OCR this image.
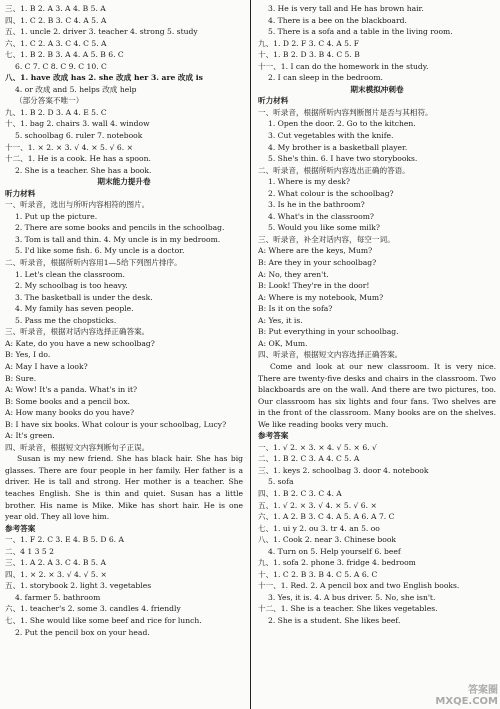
三、1. B 2. A 3. A 4. B 5. A
四、1. C 2. B 3. C 4. A 5. A
五、1. uncle 2. driver 3. teacher 4. strong 5. study
六、1. C 2. A 3. C 4. C 5. A
七、1. B 2. B 3. A 4. A 5. B 6. C
6. C 7. C 8. C 9. C 10. C
八、1. have 改成 has 2. she 改成 her 3. are 改成 is
4. or 改成 and 5. helps 改成 help
（部分答案不唯一）
九、1. B 2. D 3. A 4. E 5. C
十、1. bag 2. chairs 3. wall 4. window
5. schoolbag 6. ruler 7. notebook
十一、1. × 2. × 3. √ 4. × 5. √ 6. ×
十二、1. He is a cook. He has a spoon.
2. She is a teacher. She has a book.
期末能力提升卷
听力材料
一、听录音，选出与所听内容相符的图片。
1. Put up the picture.
2. There are some books and pencils in the schoolbag.
3. Tom is tall and thin. 4. My uncle is in my bedroom.
5. I'd like some fish. 6. My uncle is a doctor.
二、听录音，根据所听内容用1—5给下列图片排序。
1. Let's clean the classroom.
2. My schoolbag is too heavy.
3. The basketball is under the desk.
4. My family has seven people.
5. Pass me the chopsticks.
三、听录音，根据对话内容选择正确答案。
A: Kate, do you have a new schoolbag?
B: Yes, I do.
A: May I have a look?
B: Sure.
A: Wow! It's a panda. What's in it?
B: Some books and a pencil box.
A: How many books do you have?
B: I have six books. What colour is your schoolbag, Lucy?
A: It's green.
四、听录音，根据短文内容判断句子正误。
Susan is my new friend. She has black hair. She has big glasses. There are four people in her family. Her father is a driver. He is tall and strong. Her mother is a teacher. She teaches English. She is thin and quiet. Susan has a little brother. His name is Mike. Mike has short hair. He is one year old. They all love him.
参考答案
一、1. F 2. C 3. E 4. B 5. D 6. A
二、4 1 3 5 2
三、1. A 2. A 3. C 4. B 5. A
四、1. × 2. × 3. √ 4. √ 5. ×
五、1. storybook 2. light 3. vegetables
4. farmer 5. bathroom
六、1. teacher's 2. some 3. candles 4. friendly
七、1. She would like some beef and rice for lunch.
2. Put the pencil box on your head.
3. He is very tall and He has brown hair.
4. There is a bee on the blackboard.
5. There is a sofa and a table in the living room.
九、1. D 2. F 3. C 4. A 5. F
十、1. B 2. D 3. B 4. C 5. B
十一、1. I can do the homework in the study.
2. I can sleep in the bedroom.
期末模拟冲刺卷
听力材料
一、听录音，根据所听内容判断图片是否与其相符。
1. Open the door. 2. Go to the kitchen.
3. Cut vegetables with the knife.
4. My brother is a basketball player.
5. She's thin. 6. I have two storybooks.
二、听录音，根据所听内容选出正确的答语。
1. Where is my desk?
2. What colour is the schoolbag?
3. Is he in the bathroom?
4. What's in the classroom?
5. Would you like some milk?
三、听录音，补全对话内容，每空一词。
A: Where are the keys, Mum?
B: Are they in your schoolbag?
A: No, they aren't.
B: Look! They're in the door!
A: Where is my notebook, Mum?
B: Is it on the sofa?
A: Yes, it is.
B: Put everything in your schoolbag.
A: OK, Mum.
四、听录音，根据短文内容选择正确答案。
Come and look at our new classroom. It is very nice. There are twenty-five desks and chairs in the classroom. Two blackboards are on the wall. And there are two pictures, too. Our classroom has six lights and four fans. Two shelves are in the front of the classroom. Many books are on the shelves. We like reading books very much.
参考答案
一、1. √ 2. × 3. × 4. √ 5. × 6. √
二、1. B 2. C 3. A 4. C 5. A
三、1. keys 2. schoolbag 3. door 4. notebook
5. sofa
四、1. B 2. C 3. C 4. A
五、1. √ 2. × 3. √ 4. × 5. √ 6. ×
六、1. A 2. B 3. C 4. A 5. A 6. A 7. C
七、1. ui y 2. ou 3. tr 4. an 5. oo
八、1. Cook 2. near 3. Chinese book
4. Turn on 5. Help yourself 6. beef
九、1. sofa 2. phone 3. fridge 4. bedroom
十、1. C 2. B 3. B 4. C 5. A 6. C
十一、1. Red. 2. A pencil box and two English books.
3. Yes, it is. 4. A bus driver. 5. No, she isn't.
十二、1. She is a teacher. She likes vegetables.
2. She is a student. She likes beef.
答案圈
MXQE.COM
